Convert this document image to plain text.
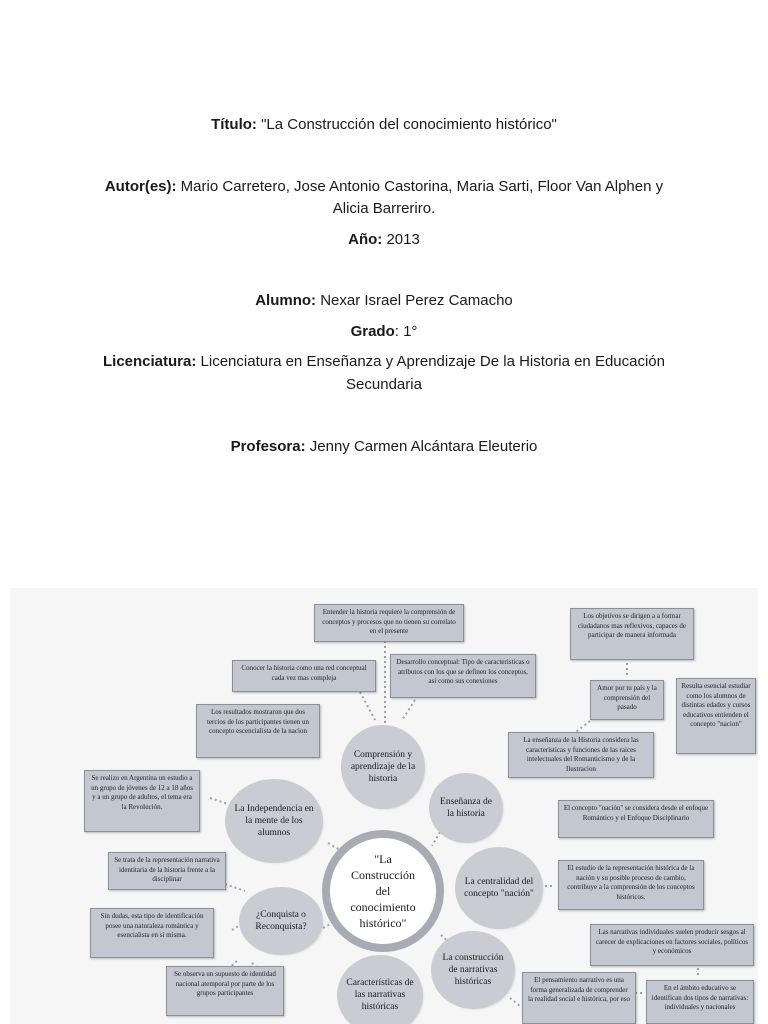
Título: "La Construcción del conocimiento histórico"
Autor(es): Mario Carretero, Jose Antonio Castorina, Maria Sarti, Floor Van Alphen y
Alicia Barrerirо.
Año: 2013
Alumno: Nexar Israel Perez Camacho
Grado: 1°
Licenciatura: Licenciatura en Enseñanza y Aprendizaje De la Historia en Educación
Secundaria
Profesora: Jenny Carmen Alcántara Eleuterio
"La Construcción del conocimiento histórico"
Comprensión y aprendizaje de la historia
La Independencia en la mente de los alumnos
Enseñanza de la historia
La centralidad del concepto "nación"
¿Conquista o Reconquista?
La construcción de narrativas históricas
Características de las narrativas históricas
Entender la historia requiere la comprensión de conceptos y procesos que no tienen su correlato en el presente
Conocer la historia como una red conceptual cada vez mas compleja
Desarrollo conceptual: Tipo de caracteristicas o atributos con los que se definen los conceptos, asi como sus conexiones
Los objetivos se dirigen a a formar ciudadanos mas reflexivos, capaces de participar de manera informada
Amor por tu país y la comprensión del pasado
Resulta esencial estudiar como los alumnos de distintas edades y cursos educativos entienden el concepto "nacion"
Los resultados mostraron que dos tercios de los participantes tienen un concepto escencialista de la nacion
La enseñanza de la Historia considera las caracteristicas y funciones de las raices intelectuales del Romanticismo y de la Ilustracion
Se realizo en Argentina un estudio a un grupo de jóvenes de 12 a 18 años y a un grupo de adultos, el tema era la Revolución.	El concepto "nación" se considera desde el enfoque Romántico y el Enfoque Disciplinario
Se trata de la representación narrativa identitaria de la historia frente a la disciplinar
El estudio de la representación histórica de la nación y su posible proceso de cambio, contribuye a la comprensión de los conceptos históricos.
Sin dudas, esta tipo de identificación posee una naturaleza romántica y esencialista en sí misma.	Las narrativas individuales suelen producir sesgos al carecer de explicaciones en factores sociales, políticos y económicos
Se observa un supuesto de identidad nacional atemporal por parte de los grupos participantes
El pensamiento narrativo es una forma generalizada de comprender la realidad social e histórica, por eso
En el ámbito educativo se identifican dos tipos de narrativas: individuales y nacionales
